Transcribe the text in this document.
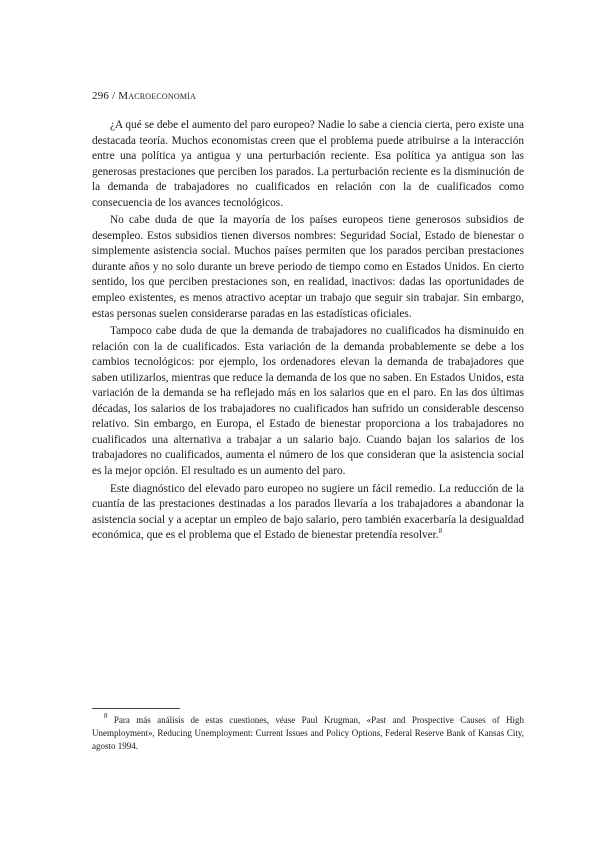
296 / Macroeconomía

¿A qué se debe el aumento del paro europeo? Nadie lo sabe a ciencia cierta, pero existe una destacada teoría. Muchos economistas creen que el problema puede atribuirse a la interacción entre una política ya antigua y una perturbación reciente. Esa política ya antigua son las generosas prestaciones que perciben los parados. La perturbación reciente es la disminución de la demanda de trabajadores no cualificados en relación con la de cualificados como consecuencia de los avances tecnológicos.

No cabe duda de que la mayoría de los países europeos tiene generosos subsidios de desempleo. Estos subsidios tienen diversos nombres: Seguridad Social, Estado de bienestar o simplemente asistencia social. Muchos países permiten que los parados perciban prestaciones durante años y no solo durante un breve periodo de tiempo como en Estados Unidos. En cierto sentido, los que perciben prestaciones son, en realidad, inactivos: dadas las oportunidades de empleo existentes, es menos atractivo aceptar un trabajo que seguir sin trabajar. Sin embargo, estas personas suelen considerarse paradas en las estadísticas oficiales.

Tampoco cabe duda de que la demanda de trabajadores no cualificados ha disminuido en relación con la de cualificados. Esta variación de la demanda probablemente se debe a los cambios tecnológicos: por ejemplo, los ordenadores elevan la demanda de trabajadores que saben utilizarlos, mientras que reduce la demanda de los que no saben. En Estados Unidos, esta variación de la demanda se ha reflejado más en los salarios que en el paro. En las dos últimas décadas, los salarios de los trabajadores no cualificados han sufrido un considerable descenso relativo. Sin embargo, en Europa, el Estado de bienestar proporciona a los trabajadores no cualificados una alternativa a trabajar a un salario bajo. Cuando bajan los salarios de los trabajadores no cualificados, aumenta el número de los que consideran que la asistencia social es la mejor opción. El resultado es un aumento del paro.

Este diagnóstico del elevado paro europeo no sugiere un fácil remedio. La reducción de la cuantía de las prestaciones destinadas a los parados llevaría a los trabajadores a abandonar la asistencia social y a aceptar un empleo de bajo salario, pero también exacerbaría la desigualdad económica, que es el problema que el Estado de bienestar pretendía resolver.$^8$

$^8$ Para más análisis de estas cuestiones, véase Paul Krugman, «Past and Prospective Causes of High Unemployment», Reducing Unemployment: Current Issues and Policy Options, Federal Reserve Bank of Kansas City, agosto 1994.
